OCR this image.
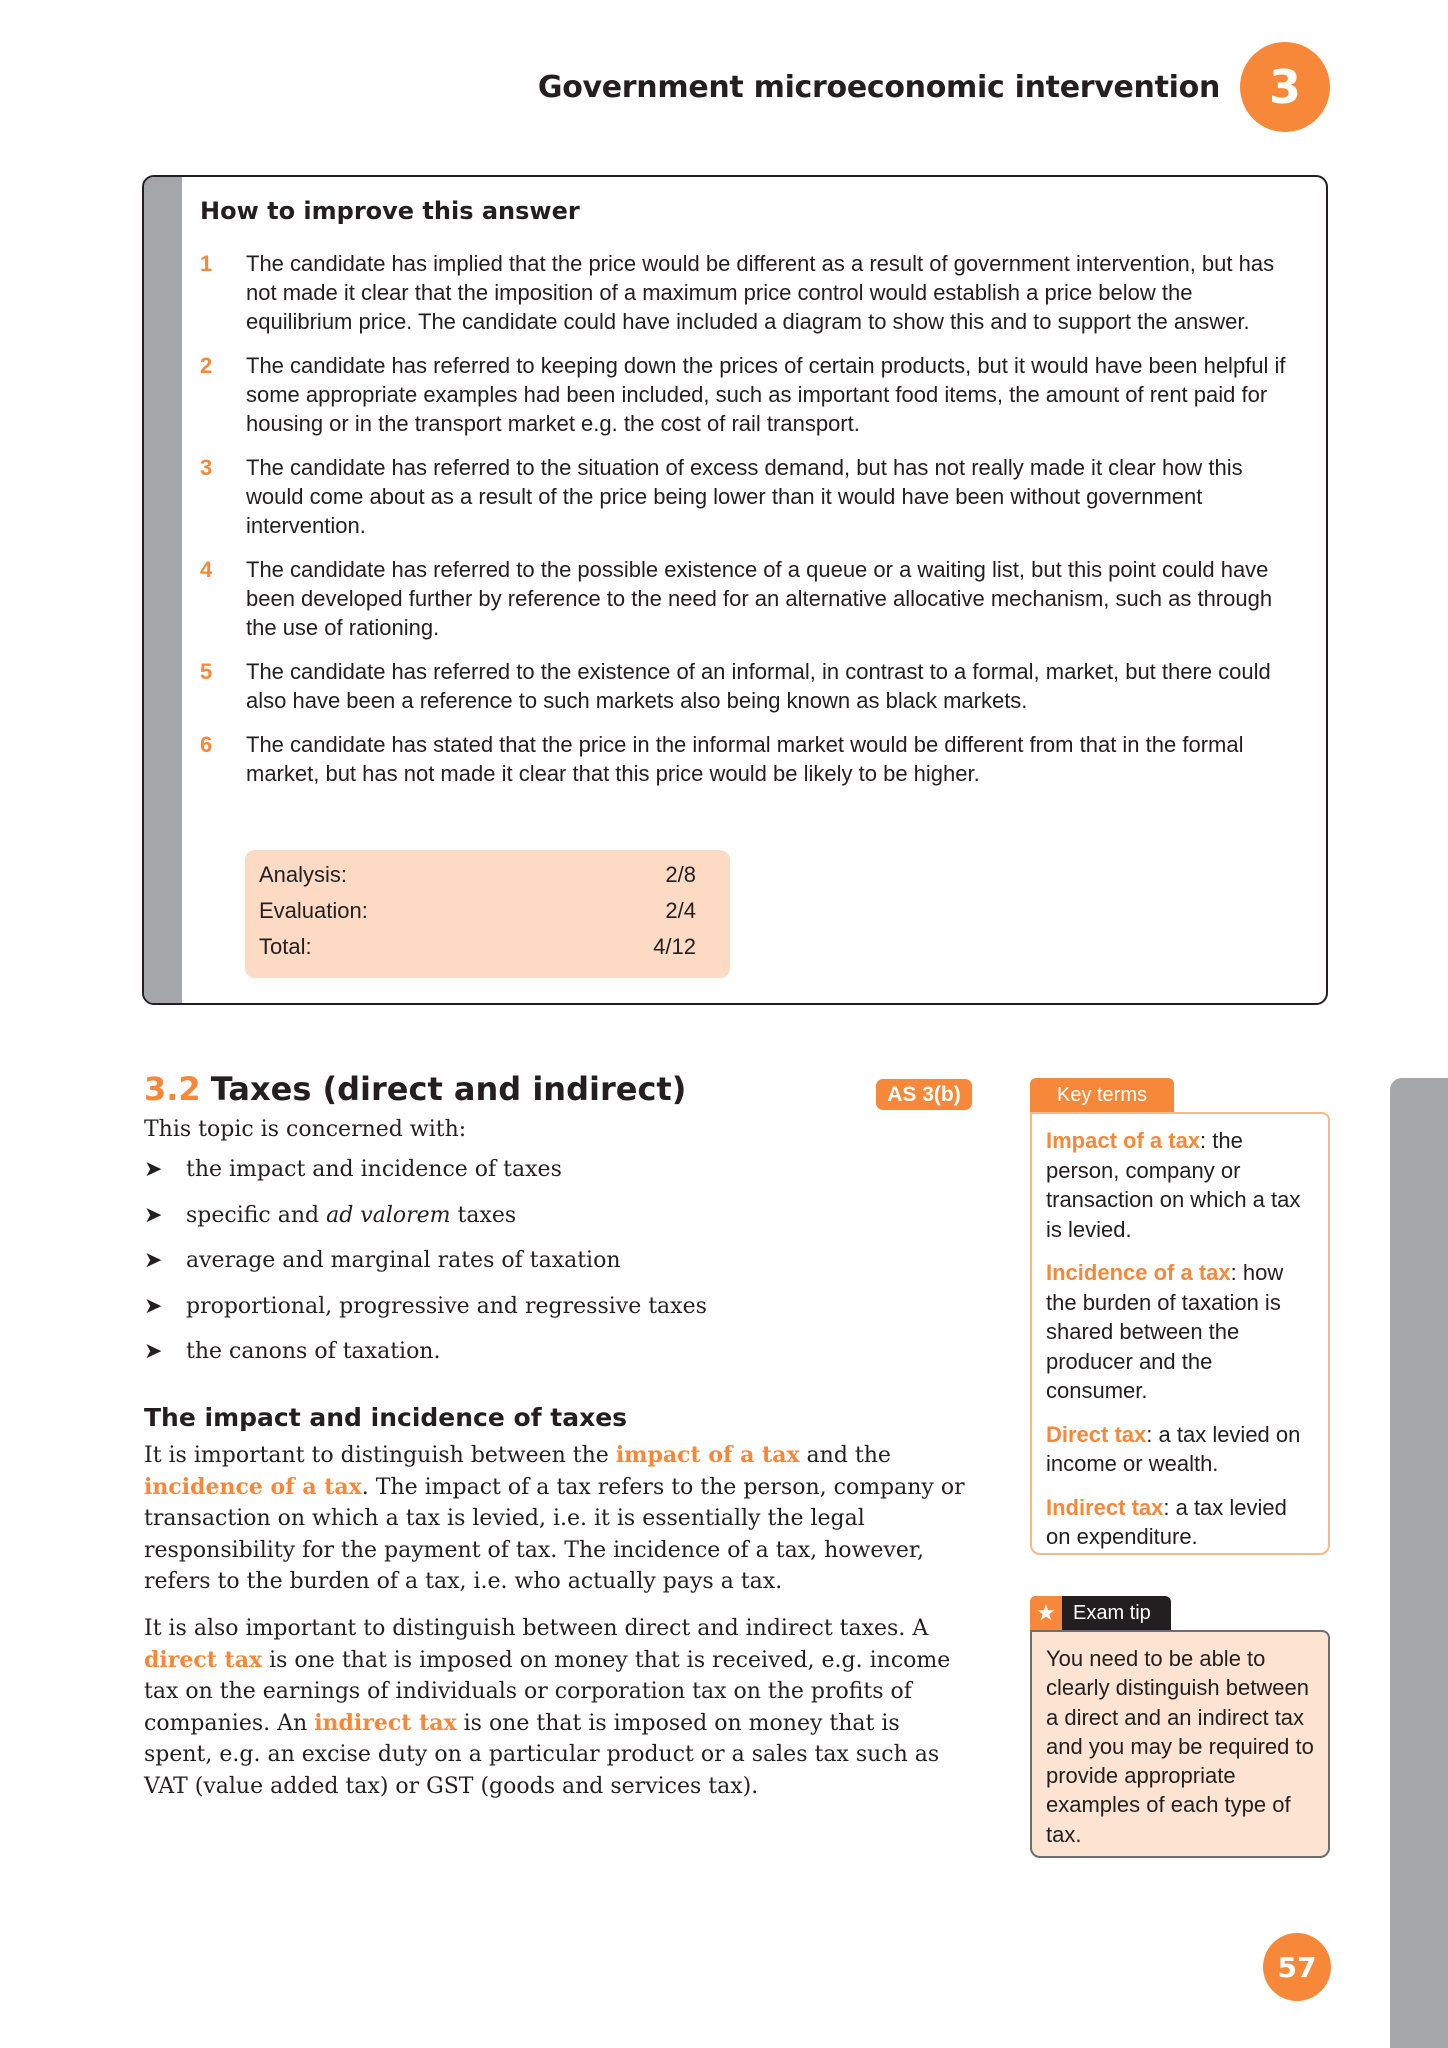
Government microeconomic intervention	3
How to improve this answer
1 The candidate has implied that the price would be different as a result of government intervention, but has not made it clear that the imposition of a maximum price control would establish a price below the equilibrium price. The candidate could have included a diagram to show this and to support the answer.
2 The candidate has referred to keeping down the prices of certain products, but it would have been helpful if some appropriate examples had been included, such as important food items, the amount of rent paid for housing or in the transport market e.g. the cost of rail transport.
3 The candidate has referred to the situation of excess demand, but has not really made it clear how this would come about as a result of the price being lower than it would have been without government intervention.
4 The candidate has referred to the possible existence of a queue or a waiting list, but this point could have been developed further by reference to the need for an alternative allocative mechanism, such as through the use of rationing.
5 The candidate has referred to the existence of an informal, in contrast to a formal, market, but there could also have been a reference to such markets also being known as black markets.
6 The candidate has stated that the price in the informal market would be different from that in the formal market, but has not made it clear that this price would be likely to be higher.
Analysis:	2/8
Evaluation:	2/4
Total:	4/12
3.2 Taxes (direct and indirect)	AS 3(b)
This topic is concerned with:
➤ the impact and incidence of taxes
➤ specific and ad valorem taxes
➤ average and marginal rates of taxation
➤ proportional, progressive and regressive taxes
➤ the canons of taxation.
The impact and incidence of taxes

It is important to distinguish between the impact of a tax and the incidence of a tax. The impact of a tax refers to the person, company or transaction on which a tax is levied, i.e. it is essentially the legal responsibility for the payment of tax. The incidence of a tax, however, refers to the burden of a tax, i.e. who actually pays a tax.

It is also important to distinguish between direct and indirect taxes. A direct tax is one that is imposed on money that is received, e.g. income tax on the earnings of individuals or corporation tax on the profits of companies. An indirect tax is one that is imposed on money that is spent, e.g. an excise duty on a particular product or a sales tax such as VAT (value added tax) or GST (goods and services tax).

Key terms
Impact of a tax: the person, company or transaction on which a tax is levied.
Incidence of a tax: how the burden of taxation is shared between the producer and the consumer.
Direct tax: a tax levied on income or wealth.
Indirect tax: a tax levied on expenditure.
★ Exam tip
You need to be able to clearly distinguish between a direct and an indirect tax and you may be required to provide appropriate examples of each type of tax.
57
